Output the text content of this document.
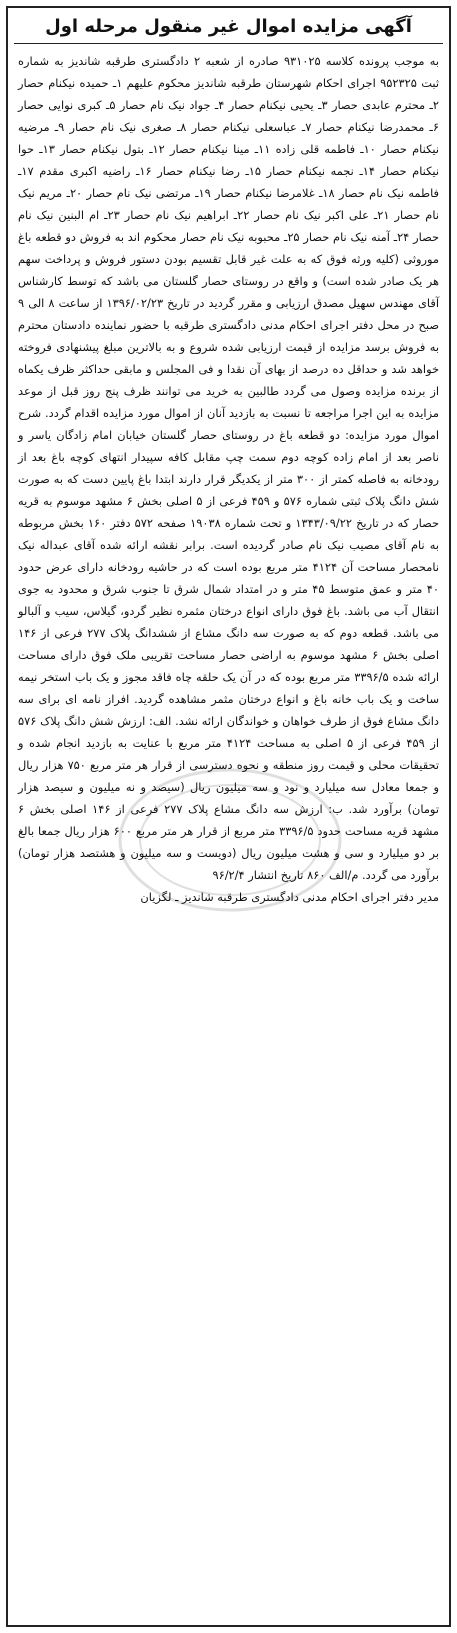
آگهی مزایده اموال غیر منقول مرحله اول
به موجب پرونده کلاسه ۹۳۱۰۲۵ صادره از شعبه ۲ دادگستری طرقبه شاندیز به شماره ثبت ۹۵۲۳۲۵ اجرای احکام شهرستان طرقبه شاندیز محکوم علیهم ۱ـ حمیده نیکنام حصار ۲ـ محترم عابدی حصار ۳ـ یحیی نیکنام حصار ۴ـ جواد نیک نام حصار ۵ـ کبری نوایی حصار ۶ـ محمدرضا نیکنام حصار ۷ـ عباسعلی نیکنام حصار ۸ـ صغری نیک نام حصار ۹ـ مرضیه نیکنام حصار ۱۰ـ فاطمه قلی زاده ۱۱ـ مینا نیکنام حصار ۱۲ـ بتول نیکنام حصار ۱۳ـ حوا نیکنام حصار ۱۴ـ نجمه نیکنام حصار ۱۵ـ رضا نیکنام حصار ۱۶ـ راضیه اکبری مقدم ۱۷ـ فاطمه نیک نام حصار ۱۸ـ غلامرضا نیکنام حصار ۱۹ـ مرتضی نیک نام حصار ۲۰ـ مریم نیک نام حصار ۲۱ـ علی اکبر نیک نام حصار ۲۲ـ ابراهیم نیک نام حصار ۲۳ـ ام البنین نیک نام حصار ۲۴ـ آمنه نیک نام حصار ۲۵ـ محبوبه نیک نام حصار محکوم اند به فروش دو قطعه باغ موروثی (کلیه ورثه فوق که به علت غیر قابل تقسیم بودن دستور فروش و پرداخت سهم هر یک صادر شده است) و واقع در روستای حصار گلستان می باشد که توسط کارشناس آقای مهندس سهیل مصدق ارزیابی و مقرر گردید در تاریخ ۱۳۹۶/۰۲/۲۳ از ساعت ۸ الی ۹ صبح در محل دفتر اجرای احکام مدنی دادگستری طرقبه با حضور نماینده دادستان محترم به فروش برسد مزایده از قیمت ارزیابی شده شروع و به بالاترین مبلغ پیشنهادی فروخته خواهد شد و حداقل ده درصد از بهای آن نقدا و فی المجلس و مابقی حداکثر ظرف یکماه از برنده مزایده وصول می گردد طالبین به خرید می توانند ظرف پنج روز قبل از موعد مزایده به این اجرا مراجعه تا نسبت به بازدید آنان از اموال مورد مزایده اقدام گردد. شرح اموال مورد مزایده: دو قطعه باغ در روستای حصار گلستان خیابان امام زادگان یاسر و ناصر بعد از امام زاده کوچه دوم سمت چپ مقابل کافه سپیدار انتهای کوچه باغ بعد از رودخانه به فاصله کمتر از ۳۰۰ متر از یکدیگر قرار دارند ابتدا باغ پایین دست که به صورت شش دانگ پلاک ثبتی شماره ۵۷۶ و ۴۵۹ فرعی از ۵ اصلی بخش ۶ مشهد موسوم به قریه حصار که در تاریخ ۱۳۴۳/۰۹/۲۲ و تحت شماره ۱۹۰۳۸ صفحه ۵۷۲ دفتر ۱۶۰ بخش مربوطه به نام آقای مصیب نیک نام صادر گردیده است. برابر نقشه ارائه شده آقای عبداله نیک نامحصار مساحت آن ۴۱۲۴ متر مربع بوده است که در حاشیه رودخانه دارای عرض حدود ۴۰ متر و عمق متوسط ۴۵ متر و در امتداد شمال شرق تا جنوب شرق و محدود به جوی انتقال آب می باشد. باغ فوق دارای انواع درختان مثمره نظیر گردو، گیلاس، سیب و آلبالو می باشد. قطعه دوم که به صورت سه دانگ مشاع از ششدانگ پلاک ۲۷۷ فرعی از ۱۴۶ اصلی بخش ۶ مشهد موسوم به اراضی حصار مساحت تقریبی ملک فوق دارای مساحت ارائه شده ۳۳۹۶/۵ متر مربع بوده که در آن یک حلقه چاه فاقد مجوز و یک باب استخر نیمه ساخت و یک باب خانه باغ و انواع درختان مثمر مشاهده گردید. افراز نامه ای برای سه دانگ مشاع فوق از طرف خواهان و خواندگان ارائه نشد. الف: ارزش شش دانگ پلاک ۵۷۶ از ۴۵۹ فرعی از ۵ اصلی به مساحت ۴۱۲۴ متر مربع با عنایت به بازدید انجام شده و تحقیقات محلی و قیمت روز منطقه و نحوه دسترسی از قرار هر متر مربع ۷۵۰ هزار ریال و جمعا معادل سه میلیارد و نود و سه میلیون ریال (سیصد و نه میلیون و سیصد هزار تومان) برآورد شد. ب: ارزش سه دانگ مشاع پلاک ۲۷۷ فرعی از ۱۴۶ اصلی بخش ۶ مشهد قریه مساحت حدود ۳۳۹۶/۵ متر مربع از قرار هر متر مربع ۶۰۰ هزار ریال جمعا بالغ بر دو میلیارد و سی و هشت میلیون ریال (دویست و سه میلیون و هشتصد هزار تومان) برآورد می گردد. م/الف ۸۶۰ تاریخ انتشار ۹۶/۲/۴
مدیر دفتر اجرای احکام مدنی دادگستری طرقبه شاندیز ـ لگزیان
